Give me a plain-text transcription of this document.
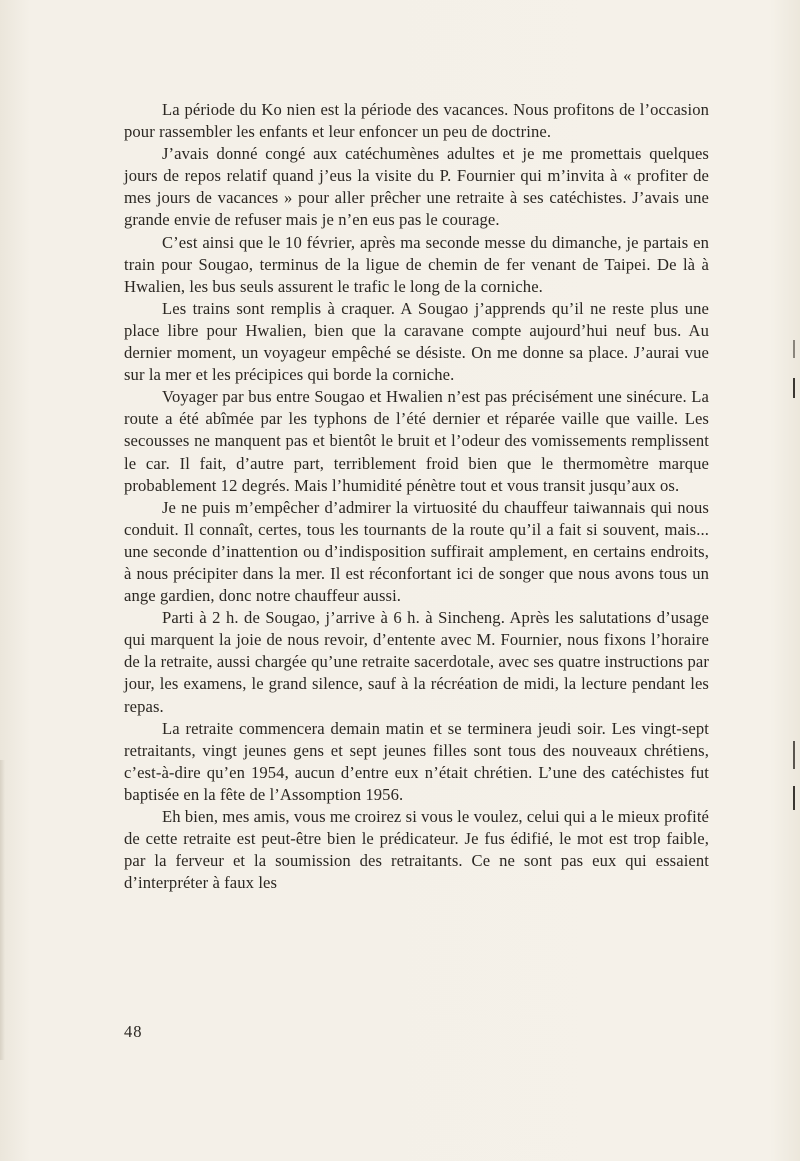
La période du Ko nien est la période des vacances. Nous profitons de l’occasion pour rassembler les enfants et leur enfoncer un peu de doctrine.

J’avais donné congé aux catéchumènes adultes et je me promettais quelques jours de repos relatif quand j’eus la visite du P. Fournier qui m’invita à « profiter de mes jours de vacances » pour aller prêcher une retraite à ses catéchistes. J’avais une grande envie de refuser mais je n’en eus pas le courage.

C’est ainsi que le 10 février, après ma seconde messe du dimanche, je partais en train pour Sougao, terminus de la ligue de chemin de fer venant de Taipei. De là à Hwalien, les bus seuls assurent le trafic le long de la corniche.

Les trains sont remplis à craquer. A Sougao j’apprends qu’il ne reste plus une place libre pour Hwalien, bien que la caravane compte aujourd’hui neuf bus. Au dernier moment, un voyageur empêché se désiste. On me donne sa place. J’aurai vue sur la mer et les précipices qui borde la corniche.

Voyager par bus entre Sougao et Hwalien n’est pas précisément une sinécure. La route a été abîmée par les typhons de l’été dernier et réparée vaille que vaille. Les secousses ne manquent pas et bientôt le bruit et l’odeur des vomissements remplissent le car. Il fait, d’autre part, terriblement froid bien que le thermomètre marque probablement 12 degrés. Mais l’humidité pénètre tout et vous transit jusqu’aux os.

Je ne puis m’empêcher d’admirer la virtuosité du chauffeur taiwannais qui nous conduit. Il connaît, certes, tous les tournants de la route qu’il a fait si souvent, mais... une seconde d’inattention ou d’indisposition suffirait amplement, en certains endroits, à nous précipiter dans la mer. Il est réconfortant ici de songer que nous avons tous un ange gardien, donc notre chauffeur aussi.

Parti à 2 h. de Sougao, j’arrive à 6 h. à Sincheng. Après les salutations d’usage qui marquent la joie de nous revoir, d’entente avec M. Fournier, nous fixons l’horaire de la retraite, aussi chargée qu’une retraite sacerdotale, avec ses quatre instructions par jour, les examens, le grand silence, sauf à la récréation de midi, la lecture pendant les repas.

La retraite commencera demain matin et se terminera jeudi soir. Les vingt-sept retraitants, vingt jeunes gens et sept jeunes filles sont tous des nouveaux chrétiens, c’est-à-dire qu’en 1954, aucun d’entre eux n’était chrétien. L’une des catéchistes fut baptisée en la fête de l’Assomption 1956.

Eh bien, mes amis, vous me croirez si vous le voulez, celui qui a le mieux profité de cette retraite est peut-être bien le prédicateur. Je fus édifié, le mot est trop faible, par la ferveur et la soumission des retraitants. Ce ne sont pas eux qui essaient d’interpréter à faux les

48
